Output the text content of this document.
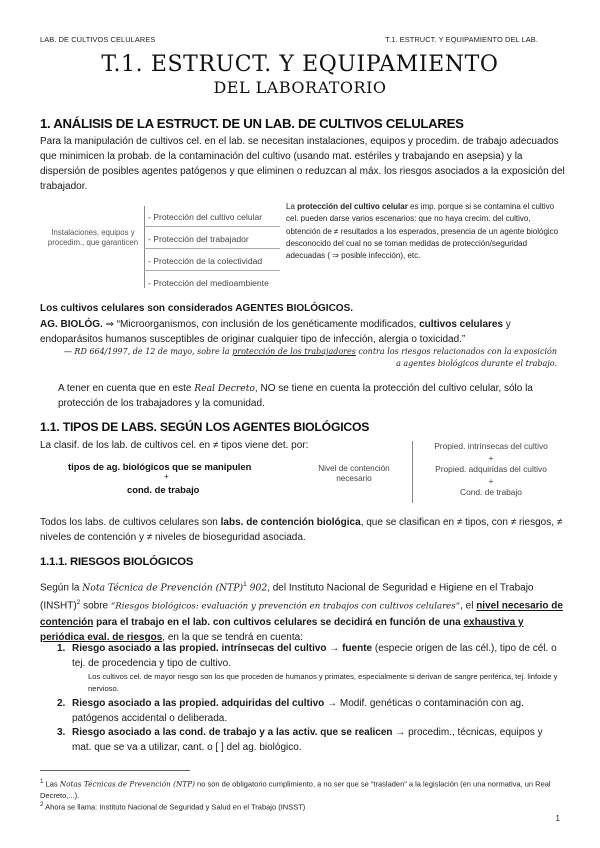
LAB. DE CULTIVOS CELULARES	T.1. ESTRUCT. Y EQUIPAMIENTO DEL LAB.
T.1. ESTRUCT. Y EQUIPAMIENTO
DEL LABORATORIO
1. ANÁLISIS DE LA ESTRUCT. DE UN LAB. DE CULTIVOS CELULARES
Para la manipulación de cultivos cel. en el lab. se necesitan instalaciones, equipos y procedim. de trabajo adecuados que minimicen la probab. de la contaminación del cultivo (usando mat. estériles y trabajando en asepsia) y la dispersión de posibles agentes patógenos y que eliminen o reduzcan al máx. los riesgos asociados a la exposición del trabajador.
Instalaciones, equipos y procedim., que garanticen
- Protección del cultivo celular
- Protección del trabajador
- Protección de la colectividad
- Protección del medioambiente
La protección del cultivo celular es imp. porque si se contamina el cultivo cel. pueden darse varios escenarios: que no haya crecim. del cultivo, obtención de ≠ resultados a los esperados, presencia de un agente biológico desconocido del cual no se toman medidas de protección/seguridad adecuadas ( ⇒ posible infección), etc.
Los cultivos celulares son considerados AGENTES BIOLÓGICOS.
AG. BIOLÓG. ⇒ “Microorganismos, con inclusión de los genéticamente modificados, cultivos celulares y endoparásitos humanos susceptibles de originar cualquier tipo de infección, alergia o toxicidad.”
— RD 664/1997, de 12 de mayo, sobre la protección de los trabajadores contra los riesgos relacionados con la exposición a agentes biológicos durante el trabajo.
A tener en cuenta que en este Real Decreto, NO se tiene en cuenta la protección del cultivo celular, sólo la protección de los trabajadores y la comunidad.
1.1. TIPOS DE LABS. SEGÚN LOS AGENTES BIOLÓGICOS
La clasif. de los lab. de cultivos cel. en ≠ tipos viene det. por:
tipos de ag. biológicos que se manipulen
+
cond. de trabajo
Nivel de contención necesario
Propied. intrínsecas del cultivo
+
Propied. adquiridas del cultivo
+
Cond. de trabajo
Todos los labs. de cultivos celulares son labs. de contención biológica, que se clasifican en ≠ tipos, con ≠ riesgos, ≠ niveles de contención y ≠ niveles de bioseguridad asociada.
1.1.1. RIESGOS BIOLÓGICOS
Según la Nota Técnica de Prevención (NTP)$^1$ 902, del Instituto Nacional de Seguridad e Higiene en el Trabajo (INSHT)$^2$ sobre “Riesgos biológicos: evaluación y prevención en trabajos con cultivos celulares”, el nivel necesario de contención para el trabajo en el lab. con cultivos celulares se decidirá en función de una exhaustiva y periódica eval. de riesgos, en la que se tendrá en cuenta:
1. Riesgo asociado a las propied. intrínsecas del cultivo → fuente (especie origen de las cél.), tipo de cél. o tej. de procedencia y tipo de cultivo.
Los cultivos cel. de mayor riesgo son los que proceden de humanos y primates, especialmente si derivan de sangre periférica, tej. linfoide y nervioso.
2. Riesgo asociado a las propied. adquiridas del cultivo → Modif. genéticas o contaminación con ag. patógenos accidental o deliberada.
3. Riesgo asociado a las cond. de trabajo y a las activ. que se realicen → procedim., técnicas, equipos y mat. que se va a utilizar, cant. o [ ] del ag. biológico.
$^1$ Las Notas Técnicas de Prevención (NTP) no son de obligatorio cumplimiento, a no ser que se “trasladen” a la legislación (en una normativa, un Real Decreto,...).
$^2$ Ahora se llama: Instituto Nacional de Seguridad y Salud en el Trabajo (INSST)
1
